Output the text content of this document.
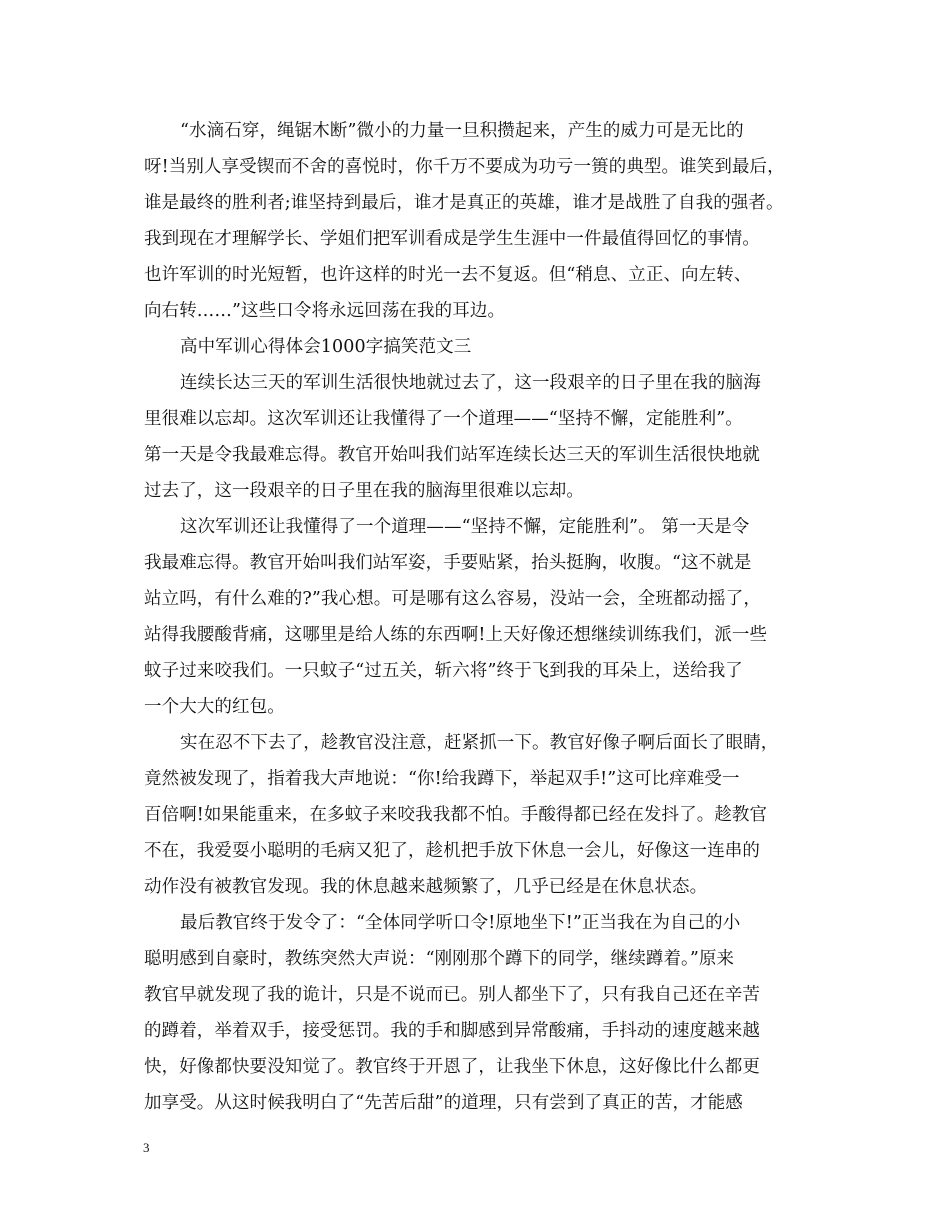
“水滴石穿，绳锯木断”微小的力量一旦积攒起来，产生的威力可是无比的
呀!当别人享受锲而不舍的喜悦时，你千万不要成为功亏一篑的典型。谁笑到最后，
谁是最终的胜利者;谁坚持到最后，谁才是真正的英雄，谁才是战胜了自我的强者。
我到现在才理解学长、学姐们把军训看成是学生生涯中一件最值得回忆的事情。
也许军训的时光短暂，也许这样的时光一去不复返。但“稍息、立正、向左转、
向右转……”这些口令将永远回荡在我的耳边。
高中军训心得体会1000字搞笑范文三
连续长达三天的军训生活很快地就过去了，这一段艰辛的日子里在我的脑海
里很难以忘却。这次军训还让我懂得了一个道理——“坚持不懈，定能胜利”。
第一天是令我最难忘得。教官开始叫我们站军连续长达三天的军训生活很快地就
过去了，这一段艰辛的日子里在我的脑海里很难以忘却。
这次军训还让我懂得了一个道理——“坚持不懈，定能胜利”。 第一天是令
我最难忘得。教官开始叫我们站军姿，手要贴紧，抬头挺胸，收腹。“这不就是
站立吗，有什么难的?”我心想。可是哪有这么容易，没站一会，全班都动摇了，
站得我腰酸背痛，这哪里是给人练的东西啊!上天好像还想继续训练我们，派一些
蚊子过来咬我们。一只蚊子“过五关，斩六将”终于飞到我的耳朵上，送给我了
一个大大的红包。
实在忍不下去了，趁教官没注意，赶紧抓一下。教官好像子啊后面长了眼睛，
竟然被发现了，指着我大声地说：“你!给我蹲下，举起双手!”这可比痒难受一
百倍啊!如果能重来，在多蚊子来咬我我都不怕。手酸得都已经在发抖了。趁教官
不在，我爱耍小聪明的毛病又犯了，趁机把手放下休息一会儿，好像这一连串的
动作没有被教官发现。我的休息越来越频繁了，几乎已经是在休息状态。
最后教官终于发令了：“全体同学听口令!原地坐下!”正当我在为自己的小
聪明感到自豪时，教练突然大声说：“刚刚那个蹲下的同学，继续蹲着。”原来
教官早就发现了我的诡计，只是不说而已。别人都坐下了，只有我自己还在辛苦
的蹲着，举着双手，接受惩罚。我的手和脚感到异常酸痛，手抖动的速度越来越
快，好像都快要没知觉了。教官终于开恩了，让我坐下休息，这好像比什么都更
加享受。从这时候我明白了“先苦后甜”的道理，只有尝到了真正的苦，才能感
3
